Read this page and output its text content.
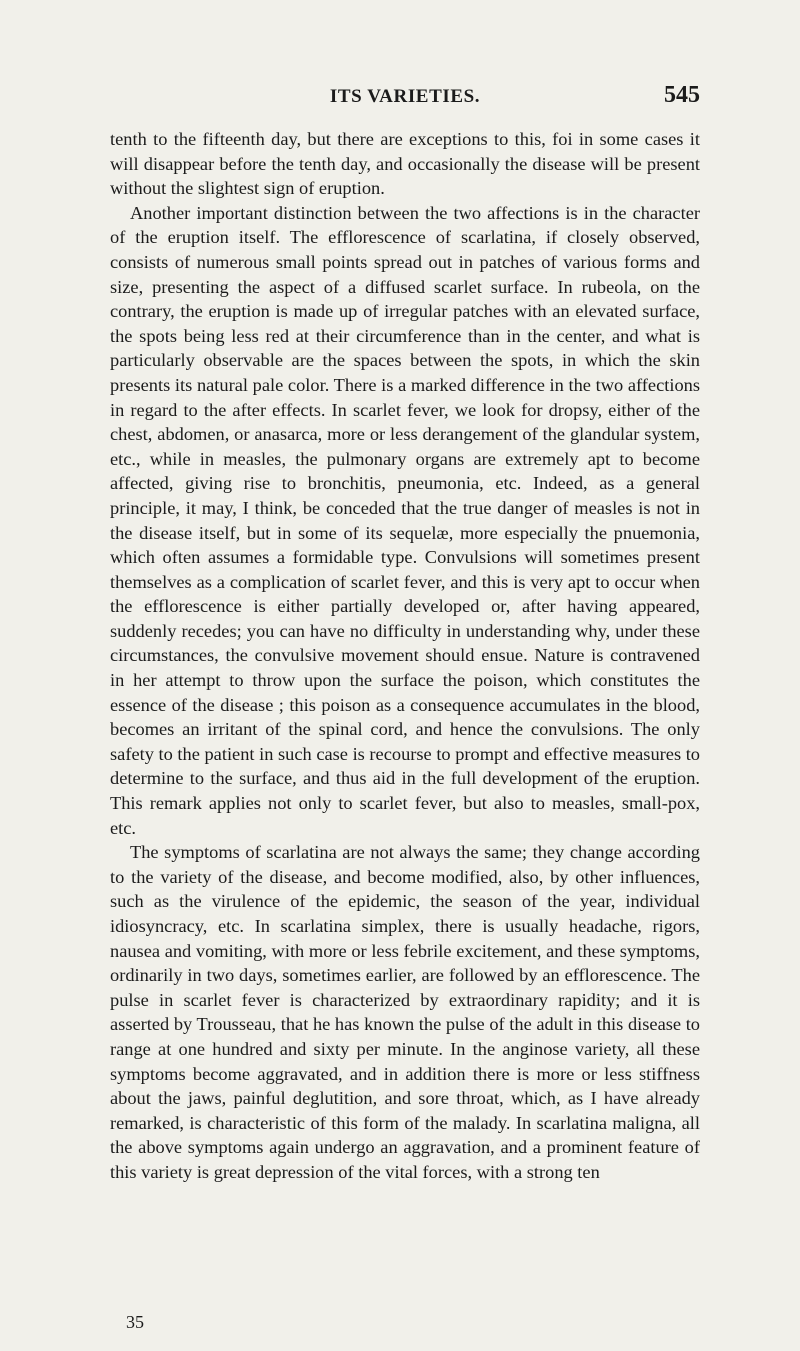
ITS VARIETIES.	545

tenth to the fifteenth day, but there are exceptions to this, foi in some cases it will disappear before the tenth day, and occasionally the disease will be present without the slightest sign of eruption.

Another important distinction between the two affections is in the character of the eruption itself. The efflorescence of scarlatina, if closely observed, consists of numerous small points spread out in patches of various forms and size, presenting the aspect of a diffused scarlet surface. In rubeola, on the contrary, the eruption is made up of irregular patches with an elevated surface, the spots being less red at their circumference than in the center, and what is particularly observable are the spaces between the spots, in which the skin presents its natural pale color. There is a marked difference in the two affections in regard to the after effects. In scarlet fever, we look for dropsy, either of the chest, abdomen, or anasarca, more or less derangement of the glandular system, etc., while in measles, the pulmonary organs are extremely apt to become affected, giving rise to bronchitis, pneumonia, etc. Indeed, as a general principle, it may, I think, be conceded that the true danger of measles is not in the disease itself, but in some of its sequelæ, more especially the pnuemonia, which often assumes a formidable type. Convulsions will sometimes present themselves as a complication of scarlet fever, and this is very apt to occur when the efflorescence is either partially developed or, after having appeared, suddenly recedes; you can have no difficulty in understanding why, under these circumstances, the convulsive movement should ensue. Nature is contravened in her attempt to throw upon the surface the poison, which constitutes the essence of the disease ; this poison as a consequence accumulates in the blood, becomes an irritant of the spinal cord, and hence the convulsions. The only safety to the patient in such case is recourse to prompt and effective measures to determine to the surface, and thus aid in the full development of the eruption. This remark applies not only to scarlet fever, but also to measles, small-pox, etc.

The symptoms of scarlatina are not always the same; they change according to the variety of the disease, and become modified, also, by other influences, such as the virulence of the epidemic, the season of the year, individual idiosyncracy, etc. In scarlatina simplex, there is usually headache, rigors, nausea and vomiting, with more or less febrile excitement, and these symptoms, ordinarily in two days, sometimes earlier, are followed by an efflorescence. The pulse in scarlet fever is characterized by extraordinary rapidity; and it is asserted by Trousseau, that he has known the pulse of the adult in this disease to range at one hundred and sixty per minute. In the anginose variety, all these symptoms become aggravated, and in addition there is more or less stiffness about the jaws, painful deglutition, and sore throat, which, as I have already remarked, is characteristic of this form of the malady. In scarlatina maligna, all the above symptoms again undergo an aggravation, and a prominent feature of this variety is great depression of the vital forces, with a strong ten

35
